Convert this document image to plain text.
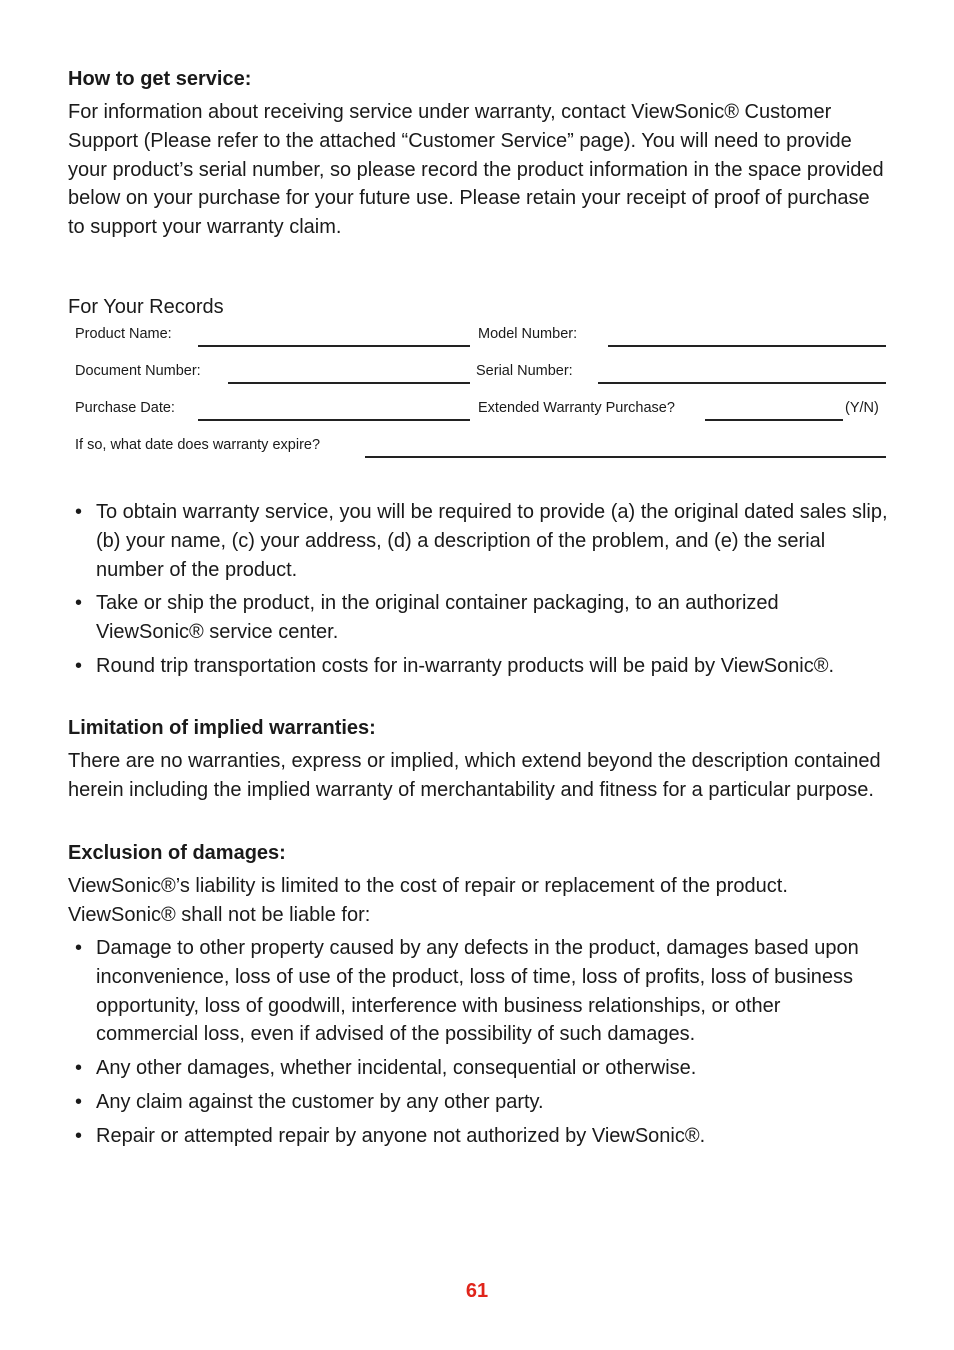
How to get service:

For information about receiving service under warranty, contact ViewSonic® Customer Support (Please refer to the attached “Customer Service” page). You will need to provide your product’s serial number, so please record the product information in the space provided below on your purchase for your future use. Please retain your receipt of proof of purchase to support your warranty claim.

For Your Records
Product Name:	Model Number:
Document Number:	Serial Number:
Purchase Date:	Extended Warranty Purchase?	(Y/N)
If so, what date does warranty expire?
• To obtain warranty service, you will be required to provide (a) the original dated sales slip, (b) your name, (c) your address, (d) a description of the problem, and (e) the serial number of the product.
• Take or ship the product, in the original container packaging, to an authorized ViewSonic® service center.
• Round trip transportation costs for in-warranty products will be paid by ViewSonic®.

Limitation of implied warranties:

There are no warranties, express or implied, which extend beyond the description contained herein including the implied warranty of merchantability and fitness for a particular purpose.

Exclusion of damages:

ViewSonic®’s liability is limited to the cost of repair or replacement of the product. ViewSonic® shall not be liable for:

• Damage to other property caused by any defects in the product, damages based upon inconvenience, loss of use of the product, loss of time, loss of profits, loss of business opportunity, loss of goodwill, interference with business relationships, or other commercial loss, even if advised of the possibility of such damages.
• Any other damages, whether incidental, consequential or otherwise.
• Any claim against the customer by any other party.
• Repair or attempted repair by anyone not authorized by ViewSonic®.
61
